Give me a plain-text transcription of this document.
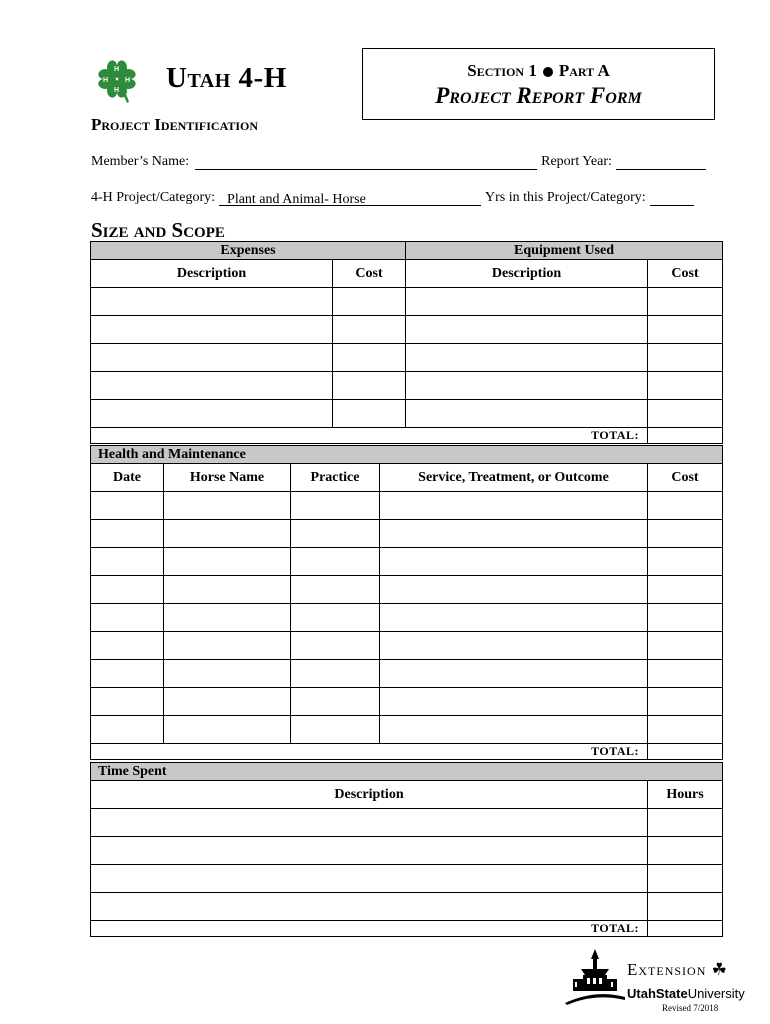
H
H
H H Utah 4-H	Section 1 Part A
Project Report Form
Project Identification
Member’s Name:	Report Year:
4-H Project/Category: Plant and Animal- Horse	Yrs in this Project/Category:
Size and Scope
Expenses		Equipment Used	
Description	Cost	Description	Cost

TOTAL:			
Health and Maintenance				
Date	Horse Name	Practice	Service, Treatment, or Outcome	Cost

TOTAL:				
Time Spent	
Description	Hours

TOTAL:	
Extension ☘
UtahStateUniversity
Revised 7/2018
